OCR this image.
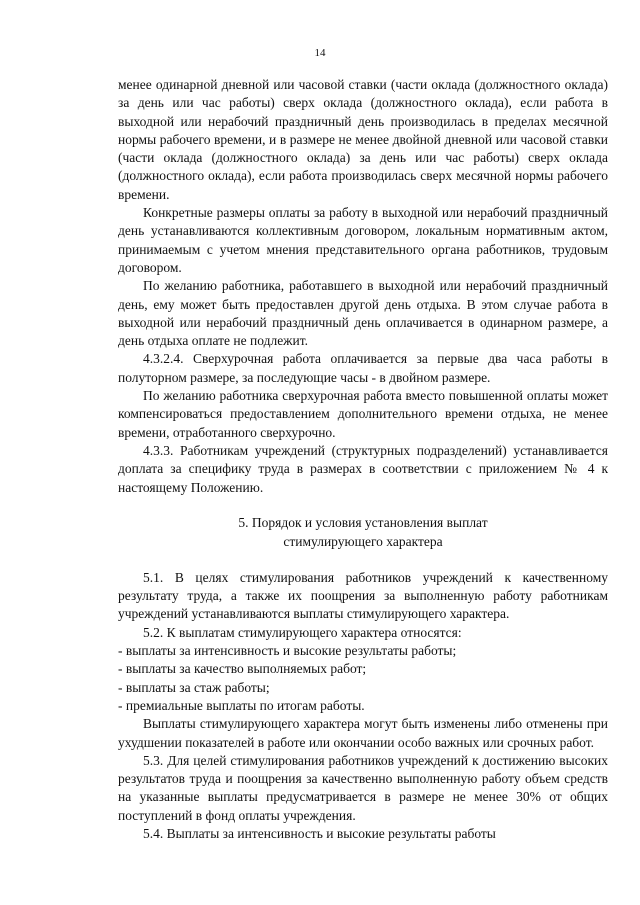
14

менее одинарной дневной или часовой ставки (части оклада (должностного оклада) за день или час работы) сверх оклада (должностного оклада), если работа в выходной или нерабочий праздничный день производилась в пределах месячной нормы рабочего времени, и в размере не менее двойной дневной или часовой ставки (части оклада (должностного оклада) за день или час работы) сверх оклада (должностного оклада), если работа производилась сверх месячной нормы рабочего времени.

Конкретные размеры оплаты за работу в выходной или нерабочий праздничный день устанавливаются коллективным договором, локальным нормативным актом, принимаемым с учетом мнения представительного органа работников, трудовым договором.

По желанию работника, работавшего в выходной или нерабочий праздничный день, ему может быть предоставлен другой день отдыха. В этом случае работа в выходной или нерабочий праздничный день оплачивается в одинарном размере, а день отдыха оплате не подлежит.

4.3.2.4. Сверхурочная работа оплачивается за первые два часа работы в полуторном размере, за последующие часы - в двойном размере.

По желанию работника сверхурочная работа вместо повышенной оплаты может компенсироваться предоставлением дополнительного времени отдыха, не менее времени, отработанного сверхурочно.

4.3.3. Работникам учреждений (структурных подразделений) устанавливается доплата за специфику труда в размерах в соответствии с приложением № 4 к настоящему Положению.

5. Порядок и условия установления выплат
стимулирующего характера

5.1. В целях стимулирования работников учреждений к качественному результату труда, а также их поощрения за выполненную работу работникам учреждений устанавливаются выплаты стимулирующего характера.

5.2. К выплатам стимулирующего характера относятся:

- выплаты за интенсивность и высокие результаты работы;

- выплаты за качество выполняемых работ;

- выплаты за стаж работы;

- премиальные выплаты по итогам работы.

Выплаты стимулирующего характера могут быть изменены либо отменены при ухудшении показателей в работе или окончании особо важных или срочных работ.

5.3. Для целей стимулирования работников учреждений к достижению высоких результатов труда и поощрения за качественно выполненную работу объем средств на указанные выплаты предусматривается в размере не менее 30% от общих поступлений в фонд оплаты учреждения.

5.4. Выплаты за интенсивность и высокие результаты работы
